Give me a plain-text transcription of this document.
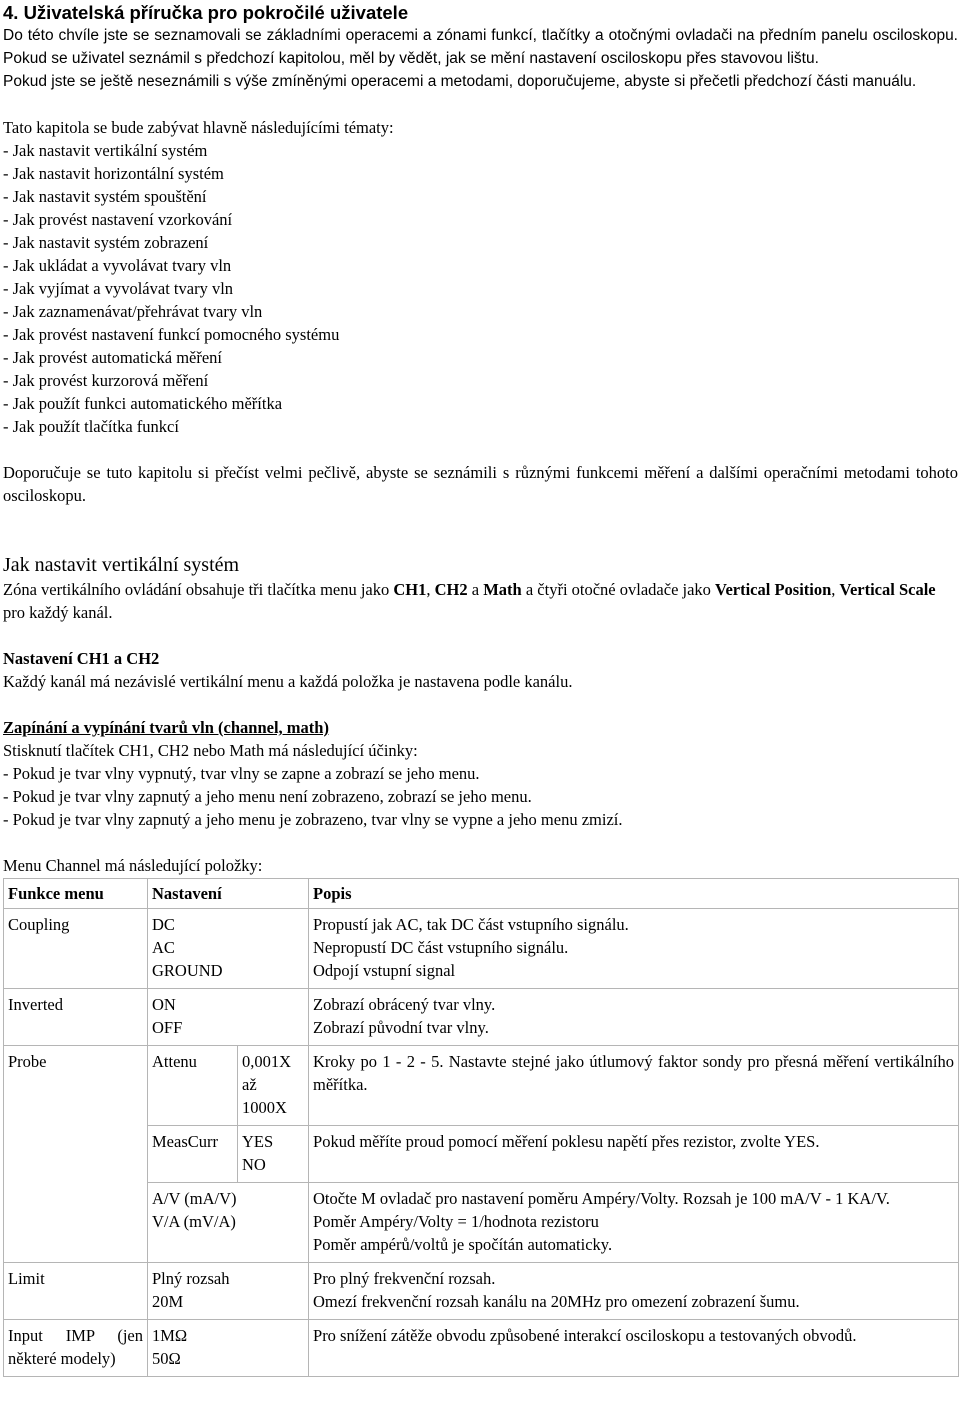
4. Uživatelská příručka pro pokročilé uživatele

Do této chvíle jste se seznamovali se základními operacemi a zónami funkcí, tlačítky a otočnými ovladači na předním panelu osciloskopu. Pokud se uživatel seznámil s předchozí kapitolou, měl by vědět, jak se mění nastavení osciloskopu přes stavovou lištu.

Pokud jste se ještě neseznámili s výše zmíněnými operacemi a metodami, doporučujeme, abyste si přečetli předchozí části manuálu.

Tato kapitola se bude zabývat hlavně následujícími tématy:
- Jak nastavit vertikální systém
- Jak nastavit horizontální systém
- Jak nastavit systém spouštění
- Jak provést nastavení vzorkování
- Jak nastavit systém zobrazení
- Jak ukládat a vyvolávat tvary vln
- Jak vyjímat a vyvolávat tvary vln
- Jak zaznamenávat/přehrávat tvary vln
- Jak provést nastavení funkcí pomocného systému
- Jak provést automatická měření
- Jak provést kurzorová měření
- Jak použít funkci automatického měřítka
- Jak použít tlačítka funkcí

Doporučuje se tuto kapitolu si přečíst velmi pečlivě, abyste se seznámili s různými funkcemi měření a dalšími operačními metodami tohoto osciloskopu.

Jak nastavit vertikální systém

Zóna vertikálního ovládání obsahuje tři tlačítka menu jako CH1, CH2 a Math a čtyři otočné ovladače jako Vertical Position, Vertical Scale pro každý kanál.

Nastavení CH1 a CH2

Každý kanál má nezávislé vertikální menu a každá položka je nastavena podle kanálu.

Zapínání a vypínání tvarů vln (channel, math)

Stisknutí tlačítek CH1, CH2 nebo Math má následující účinky:

- Pokud je tvar vlny vypnutý, tvar vlny se zapne a zobrazí se jeho menu.

- Pokud je tvar vlny zapnutý a jeho menu není zobrazeno, zobrazí se jeho menu.

- Pokud je tvar vlny zapnutý a jeho menu je zobrazeno, tvar vlny se vypne a jeho menu zmizí.

Menu Channel má následující položky:

Funkce menu	Nastavení		Popis
Coupling	DC
AC
GROUND		Propustí jak AC, tak DC část vstupního signálu.
Nepropustí DC část vstupního signálu.
Odpojí vstupní signal

Inverted	ON
OFF		Zobrazí obrácený tvar vlny.
Zobrazí původní tvar vlny.

Probe	Attenu	0,001X
až
1000X	Kroky po 1 - 2 - 5. Nastavte stejné jako útlumový faktor sondy pro přesná měření vertikálního měřítka.
	MeasCurr	YES
NO	Pokud měříte proud pomocí měření poklesu napětí přes rezistor, zvolte YES.

	A/V (mA/V)
V/A (mV/A)		Otočte M ovladač pro nastavení poměru Ampéry/Volty. Rozsah je 100 mA/V - 1 KA/V.
Poměr Ampéry/Volty = 1/hodnota rezistoru
Poměr ampérů/voltů je spočítán automaticky.

Limit	Plný rozsah
20M		Pro plný frekvenční rozsah.
Omezí frekvenční rozsah kanálu na 20MHz pro omezení zobrazení šumu.

Input IMP (jen některé modely)	1MΩ
50Ω		Pro snížení zátěže obvodu způsobené interakcí osciloskopu a testovaných obvodů.
